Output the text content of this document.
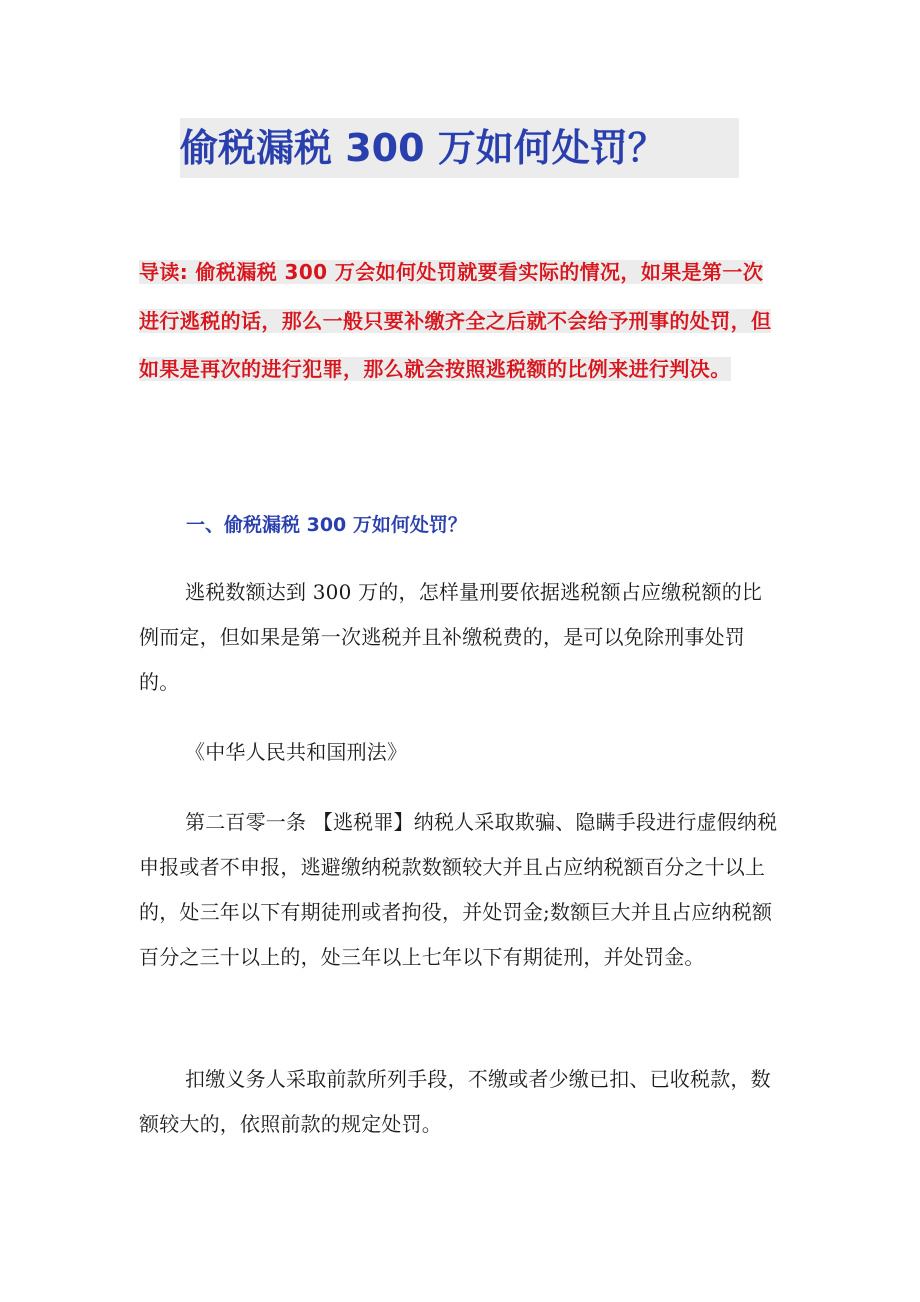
偷税漏税 300 万如何处罚？
导读: 偷税漏税 300 万会如何处罚就要看实际的情况，如果是第一次进行逃税的话，那么一般只要补缴齐全之后就不会给予刑事的处罚，但如果是再次的进行犯罪，那么就会按照逃税额的比例来进行判决。
一、偷税漏税 300 万如何处罚？

逃税数额达到 300 万的，怎样量刑要依据逃税额占应缴税额的比例而定，但如果是第一次逃税并且补缴税费的，是可以免除刑事处罚的。

《中华人民共和国刑法》

第二百零一条 【逃税罪】纳税人采取欺骗、隐瞒手段进行虚假纳税申报或者不申报，逃避缴纳税款数额较大并且占应纳税额百分之十以上的，处三年以下有期徒刑或者拘役，并处罚金;数额巨大并且占应纳税额百分之三十以上的，处三年以上七年以下有期徒刑，并处罚金。

扣缴义务人采取前款所列手段，不缴或者少缴已扣、已收税款，数额较大的，依照前款的规定处罚。
